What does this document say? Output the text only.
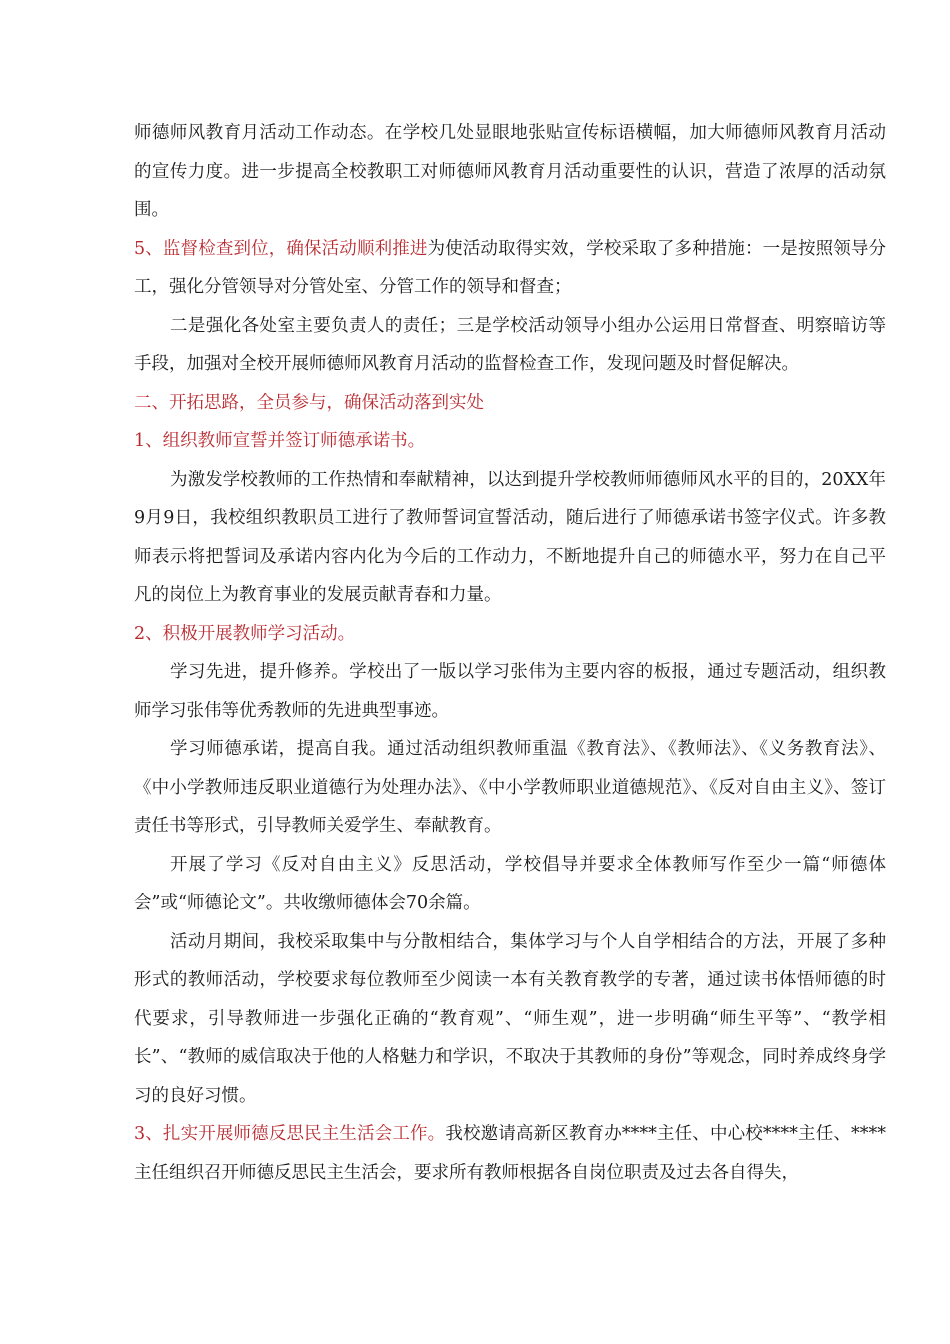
师德师风教育月活动工作动态。在学校几处显眼地张贴宣传标语横幅，加大师德师风教育月活动的宣传力度。进一步提高全校教职工对师德师风教育月活动重要性的认识，营造了浓厚的活动氛围。

5、监督检查到位，确保活动顺利推进为使活动取得实效，学校采取了多种措施：一是按照领导分工，强化分管领导对分管处室、分管工作的领导和督查；

二是强化各处室主要负责人的责任；三是学校活动领导小组办公运用日常督查、明察暗访等手段，加强对全校开展师德师风教育月活动的监督检查工作，发现问题及时督促解决。

二、开拓思路，全员参与，确保活动落到实处

1、组织教师宣誓并签订师德承诺书。

为激发学校教师的工作热情和奉献精神，以达到提升学校教师师德师风水平的目的，20XX年9月9日，我校组织教职员工进行了教师誓词宣誓活动，随后进行了师德承诺书签字仪式。许多教师表示将把誓词及承诺内容内化为今后的工作动力，不断地提升自己的师德水平，努力在自己平凡的岗位上为教育事业的发展贡献青春和力量。

2、积极开展教师学习活动。

学习先进，提升修养。学校出了一版以学习张伟为主要内容的板报，通过专题活动，组织教师学习张伟等优秀教师的先进典型事迹。

学习师德承诺，提高自我。通过活动组织教师重温《教育法》、《教师法》、《义务教育法》、《中小学教师违反职业道德行为处理办法》、《中小学教师职业道德规范》、《反对自由主义》、签订责任书等形式，引导教师关爱学生、奉献教育。

开展了学习《反对自由主义》反思活动，学校倡导并要求全体教师写作至少一篇“师德体会”或“师德论文”。共收缴师德体会70余篇。

活动月期间，我校采取集中与分散相结合，集体学习与个人自学相结合的方法，开展了多种形式的教师活动，学校要求每位教师至少阅读一本有关教育教学的专著，通过读书体悟师德的时代要求，引导教师进一步强化正确的“教育观”、“师生观”，进一步明确“师生平等”、“教学相长”、“教师的威信取决于他的人格魅力和学识，不取决于其教师的身份”等观念，同时养成终身学习的良好习惯。

3、扎实开展师德反思民主生活会工作。我校邀请高新区教育办****主任、中心校****主任、****主任组织召开师德反思民主生活会，要求所有教师根据各自岗位职责及过去各自得失，
